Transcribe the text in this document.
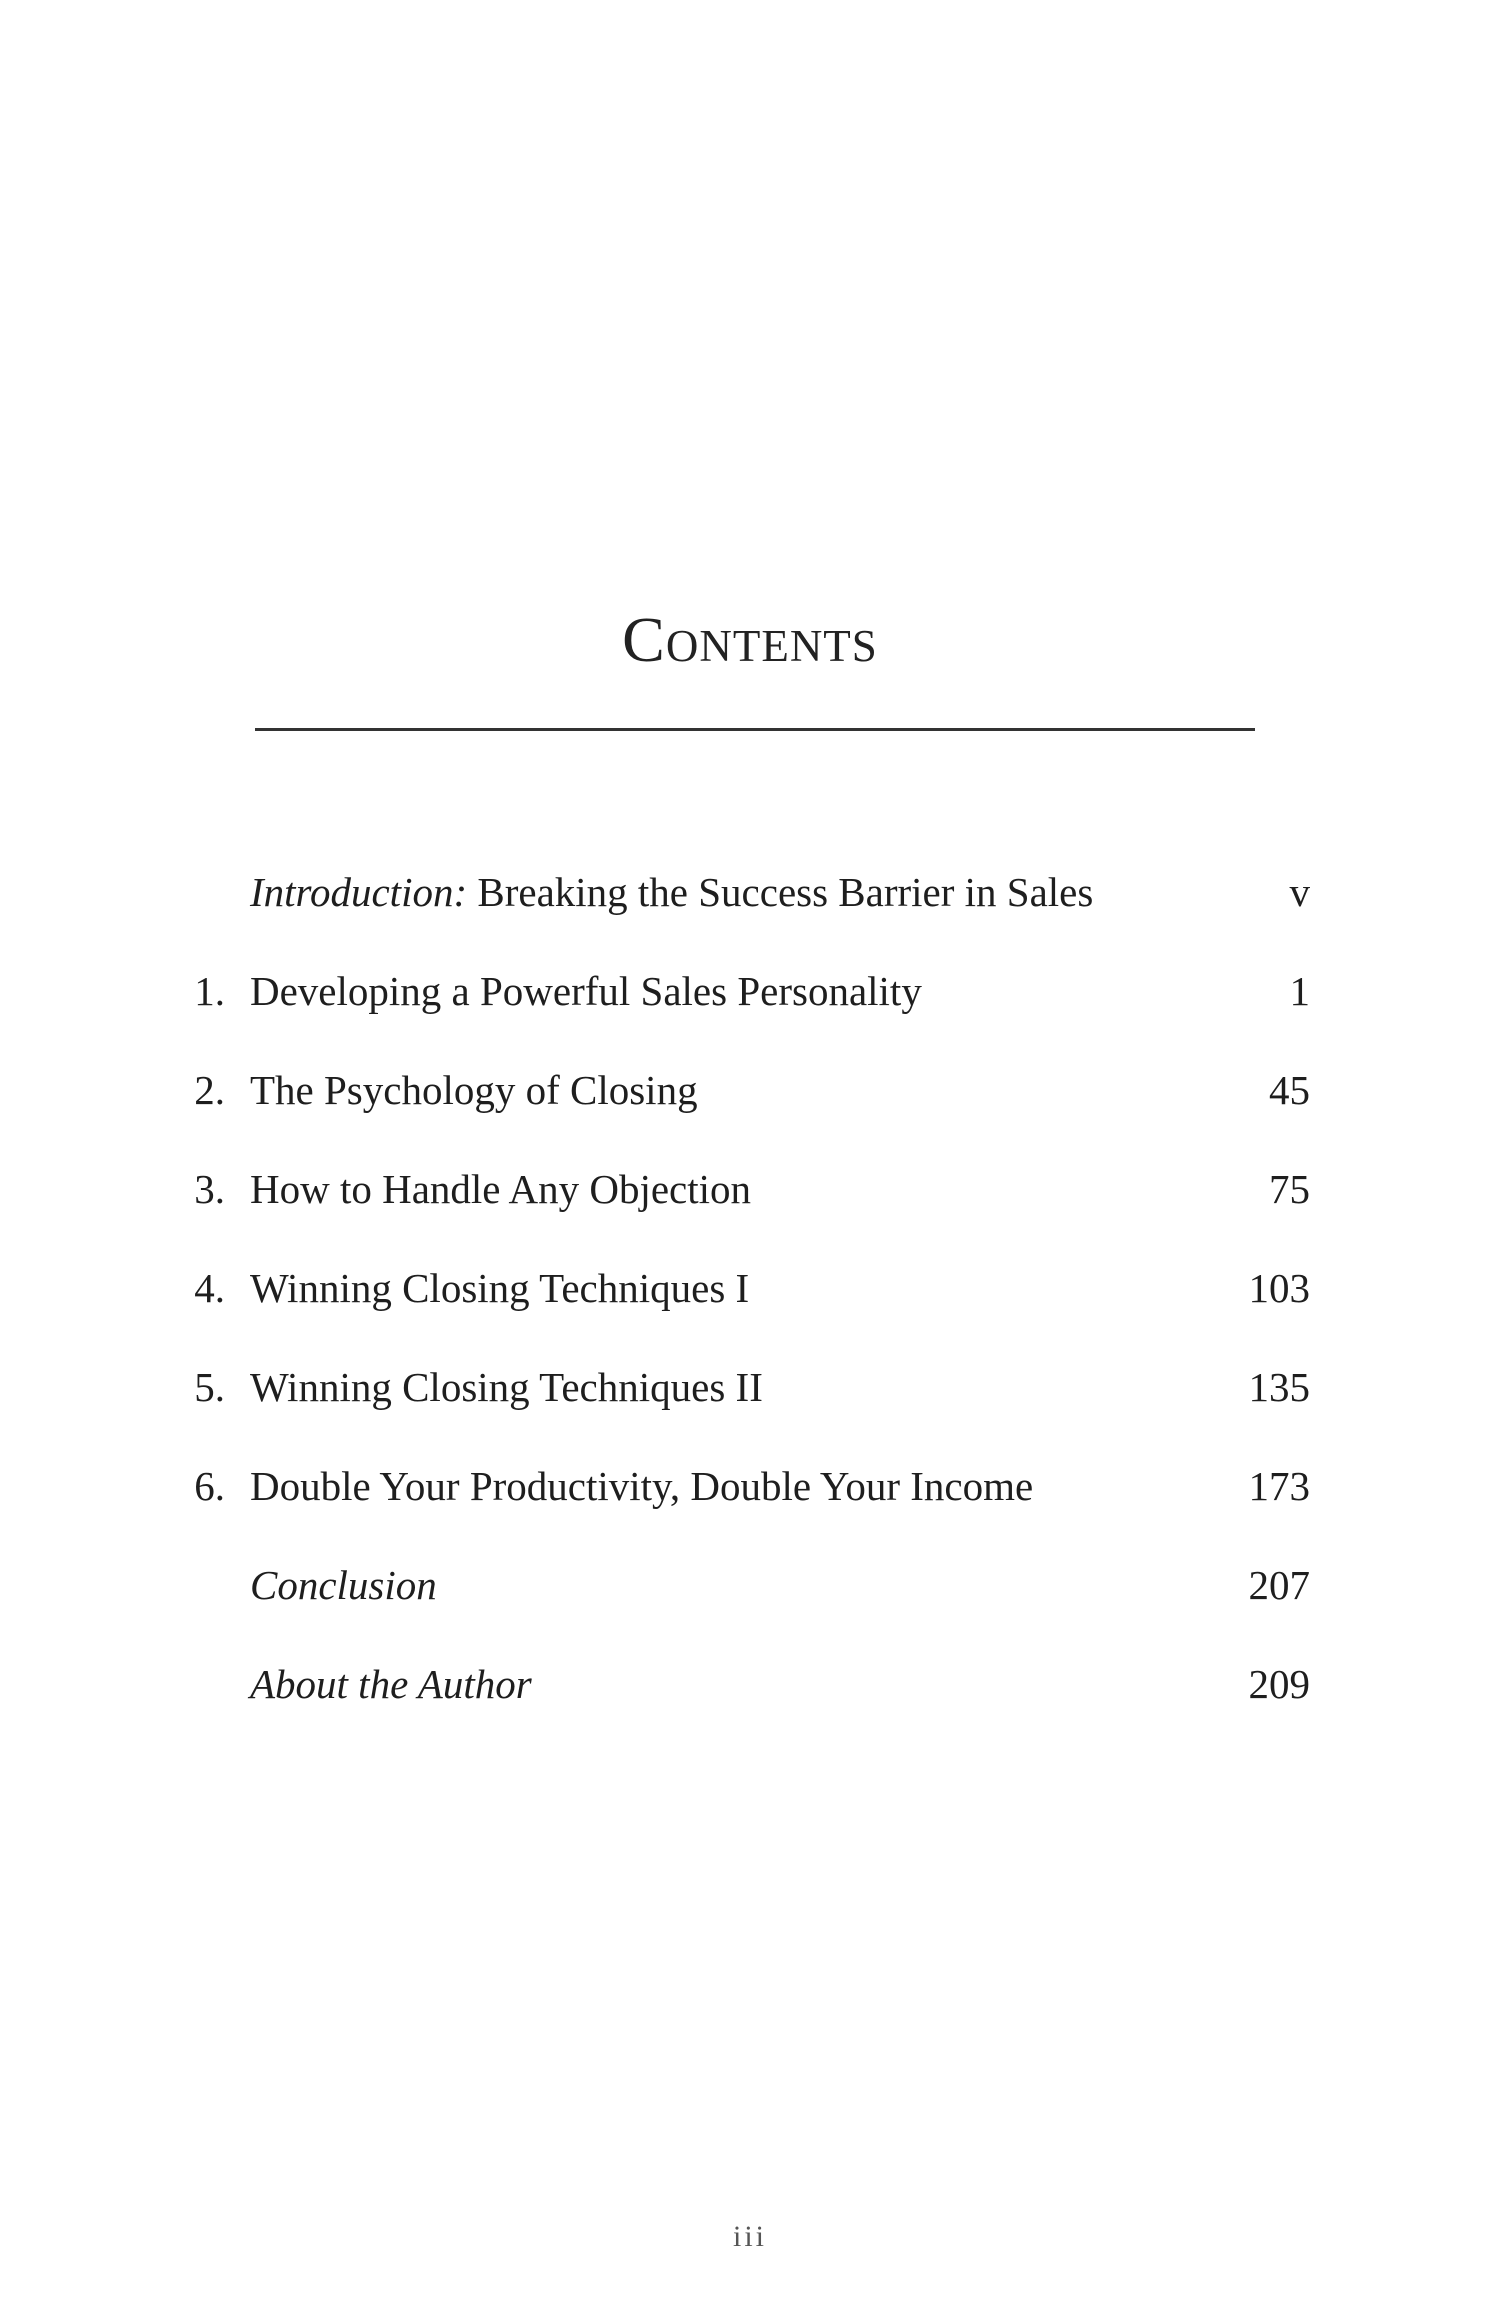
Contents
Introduction: Breaking the Success Barrier in Sales	v
1. Developing a Powerful Sales Personality	1
2. The Psychology of Closing	45
3. How to Handle Any Objection	75
4. Winning Closing Techniques I	103
5. Winning Closing Techniques II	135
6. Double Your Productivity, Double Your Income	173
Conclusion	207
About the Author	209
iii
